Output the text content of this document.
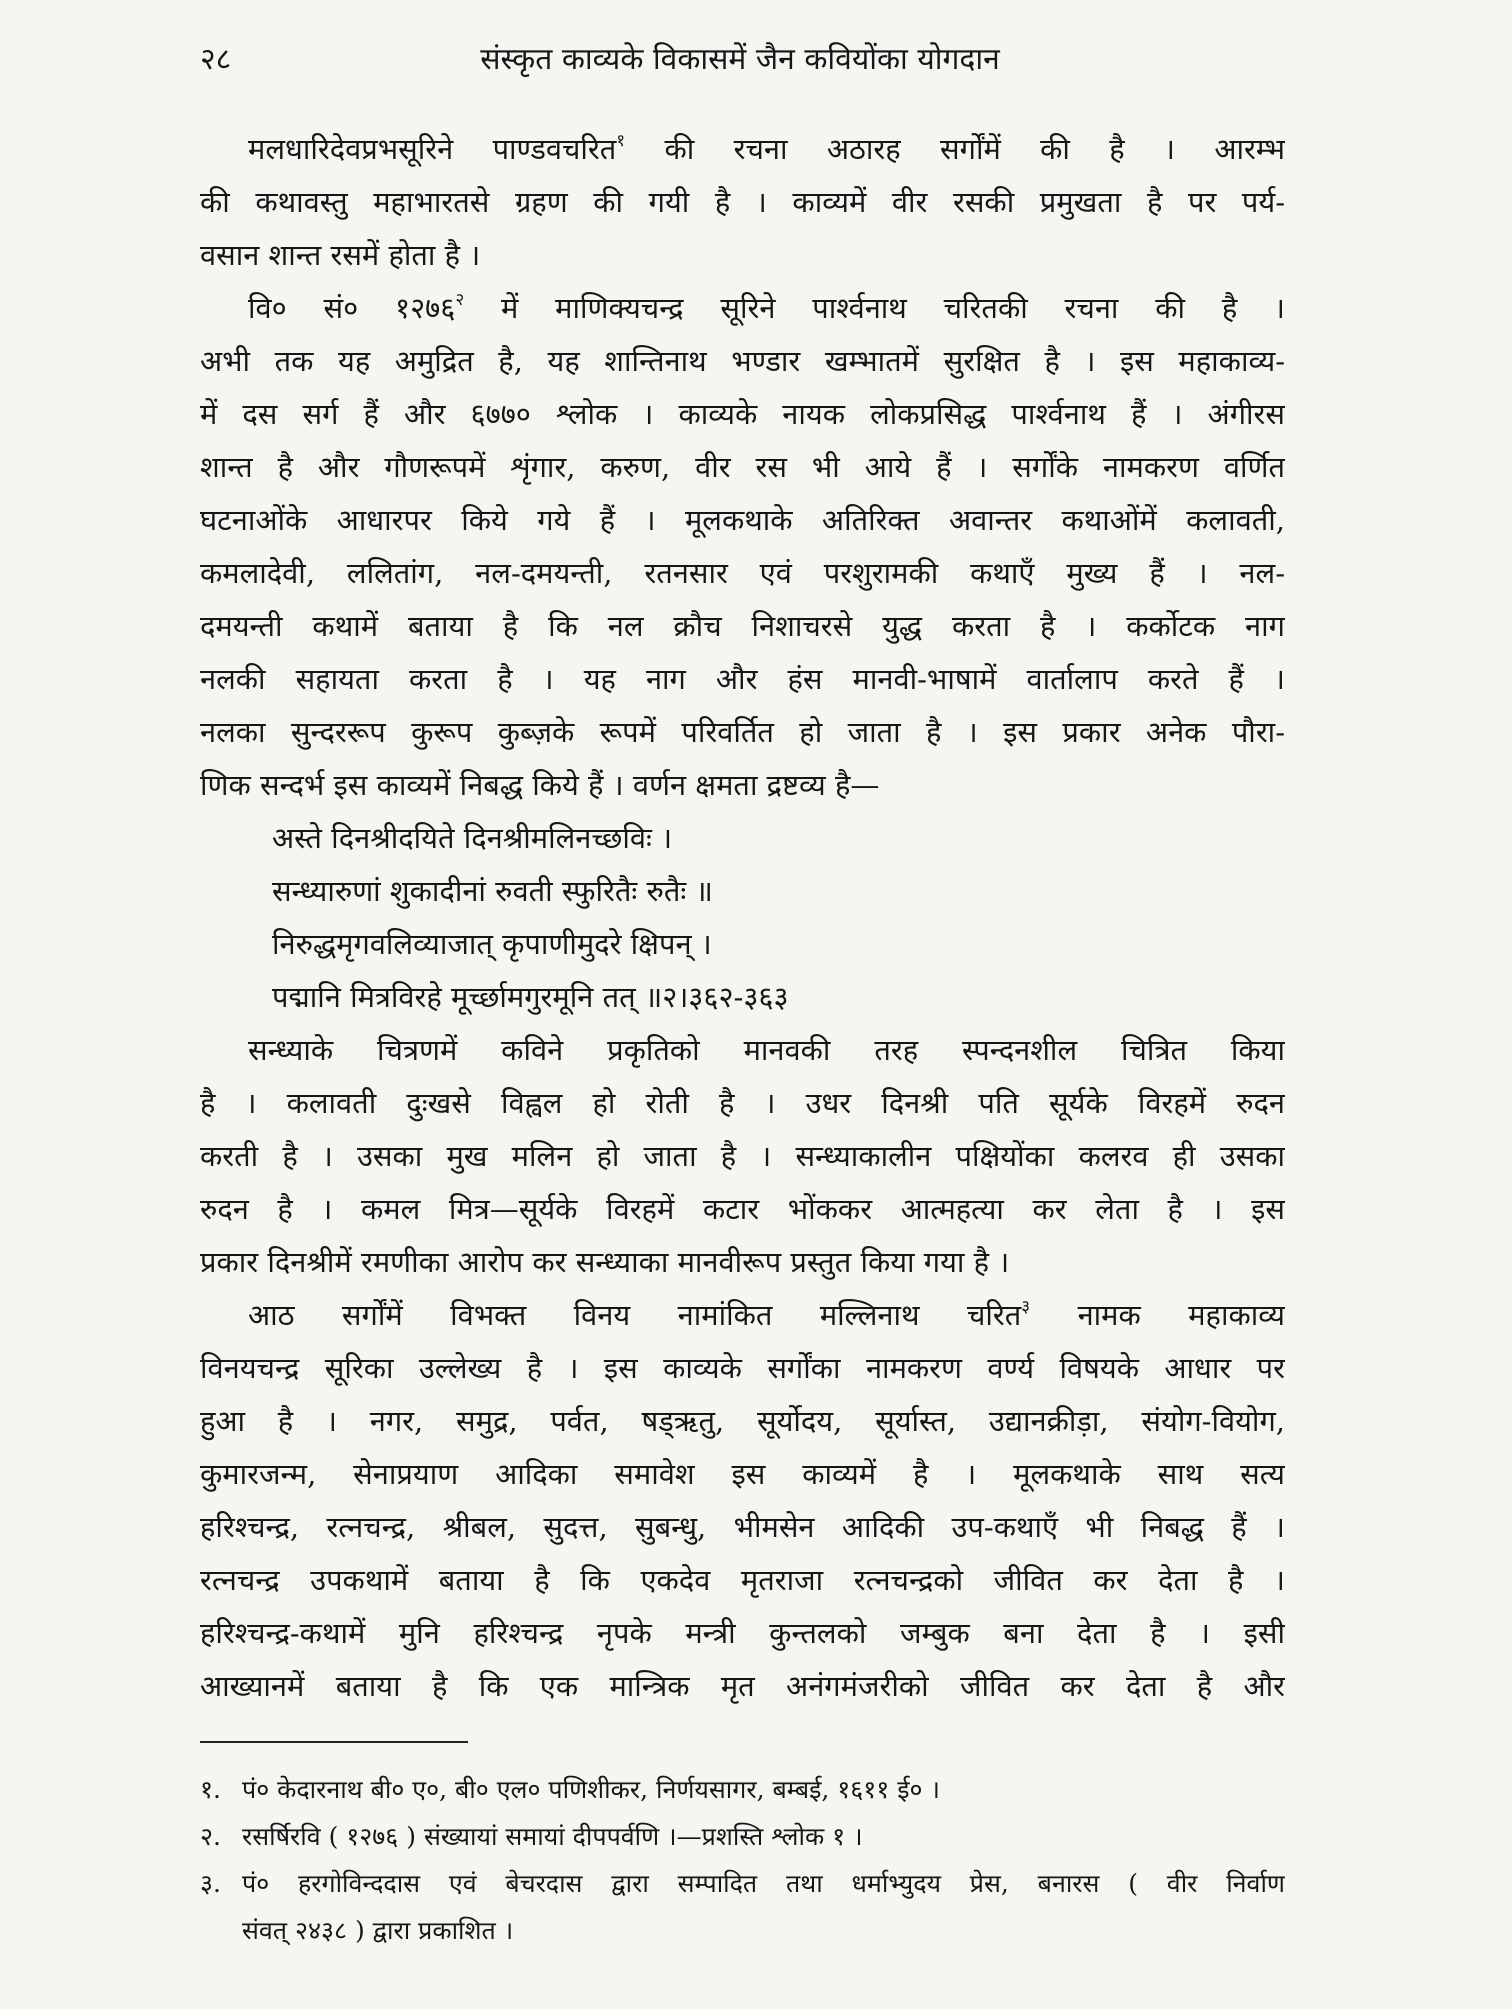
२८	संस्कृत काव्यके विकासमें जैन कवियोंका योगदान
मलधारिदेवप्रभसूरिने पाण्डवचरित$^१$ की रचना अठारह सर्गोंमें की है । आरम्भ
की कथावस्तु महाभारतसे ग्रहण की गयी है । काव्यमें वीर रसकी प्रमुखता है पर पर्य-
वसान शान्त रसमें होता है ।
वि० सं० १२७६$^२$ में माणिक्यचन्द्र सूरिने पार्श्वनाथ चरितकी रचना की है ।
अभी तक यह अमुद्रित है, यह शान्तिनाथ भण्डार खम्भातमें सुरक्षित है । इस महाकाव्य-
में दस सर्ग हैं और ६७७० श्लोक । काव्यके नायक लोकप्रसिद्ध पार्श्वनाथ हैं । अंगीरस
शान्त है और गौणरूपमें शृंगार, करुण, वीर रस भी आये हैं । सर्गोंके नामकरण वर्णित
घटनाओंके आधारपर किये गये हैं । मूलकथाके अतिरिक्त अवान्तर कथाओंमें कलावती,
कमलादेवी, ललितांग, नल-दमयन्ती, रतनसार एवं परशुरामकी कथाएँ मुख्य हैं । नल-
दमयन्ती कथामें बताया है कि नल क्रौच निशाचरसे युद्ध करता है । कर्कोटक नाग
नलकी सहायता करता है । यह नाग और हंस मानवी-भाषामें वार्तालाप करते हैं ।
नलका सुन्दररूप कुरूप कुब्ज़के रूपमें परिवर्तित हो जाता है । इस प्रकार अनेक पौरा-
णिक सन्दर्भ इस काव्यमें निबद्ध किये हैं । वर्णन क्षमता द्रष्टव्य है—
अस्ते दिनश्रीदयिते दिनश्रीमलिनच्छविः ।
सन्ध्यारुणां शुकादीनां रुवती स्फुरितैः रुतैः ॥
निरुद्धमृगवलिव्याजात् कृपाणीमुदरे क्षिपन् ।
पद्मानि मित्रविरहे मूर्च्छामगुरमूनि तत् ॥२।३६२-३६३
सन्ध्याके चित्रणमें कविने प्रकृतिको मानवकी तरह स्पन्दनशील चित्रित किया
है । कलावती दुःखसे विह्वल हो रोती है । उधर दिनश्री पति सूर्यके विरहमें रुदन
करती है । उसका मुख मलिन हो जाता है । सन्ध्याकालीन पक्षियोंका कलरव ही उसका
रुदन है । कमल मित्र—सूर्यके विरहमें कटार भोंककर आत्महत्या कर लेता है । इस
प्रकार दिनश्रीमें रमणीका आरोप कर सन्ध्याका मानवीरूप प्रस्तुत किया गया है ।
आठ सर्गोंमें विभक्त विनय नामांकित मल्लिनाथ चरित$^३$ नामक महाकाव्य
विनयचन्द्र सूरिका उल्लेख्य है । इस काव्यके सर्गोंका नामकरण वर्ण्य विषयके आधार पर
हुआ है । नगर, समुद्र, पर्वत, षड्ऋतु, सूर्योदय, सूर्यास्त, उद्यानक्रीड़ा, संयोग-वियोग,
कुमारजन्म, सेनाप्रयाण आदिका समावेश इस काव्यमें है । मूलकथाके साथ सत्य
हरिश्चन्द्र, रत्नचन्द्र, श्रीबल, सुदत्त, सुबन्धु, भीमसेन आदिकी उप-कथाएँ भी निबद्ध हैं ।
रत्नचन्द्र उपकथामें बताया है कि एकदेव मृतराजा रत्नचन्द्रको जीवित कर देता है ।
हरिश्चन्द्र-कथामें मुनि हरिश्चन्द्र नृपके मन्त्री कुन्तलको जम्बुक बना देता है । इसी
आख्यानमें बताया है कि एक मान्त्रिक मृत अनंगमंजरीको जीवित कर देता है और
१. पं० केदारनाथ बी० ए०, बी० एल० पणिशीकर, निर्णयसागर, बम्बई, १६११ ई० ।
२. रसर्षिरवि ( १२७६ ) संख्यायां समायां दीपपर्वणि ।—प्रशस्ति श्लोक १ ।
३. पं० हरगोविन्ददास एवं बेचरदास द्वारा सम्पादित तथा धर्माभ्युदय प्रेस, बनारस ( वीर निर्वाण
संवत् २४३८ ) द्वारा प्रकाशित ।
